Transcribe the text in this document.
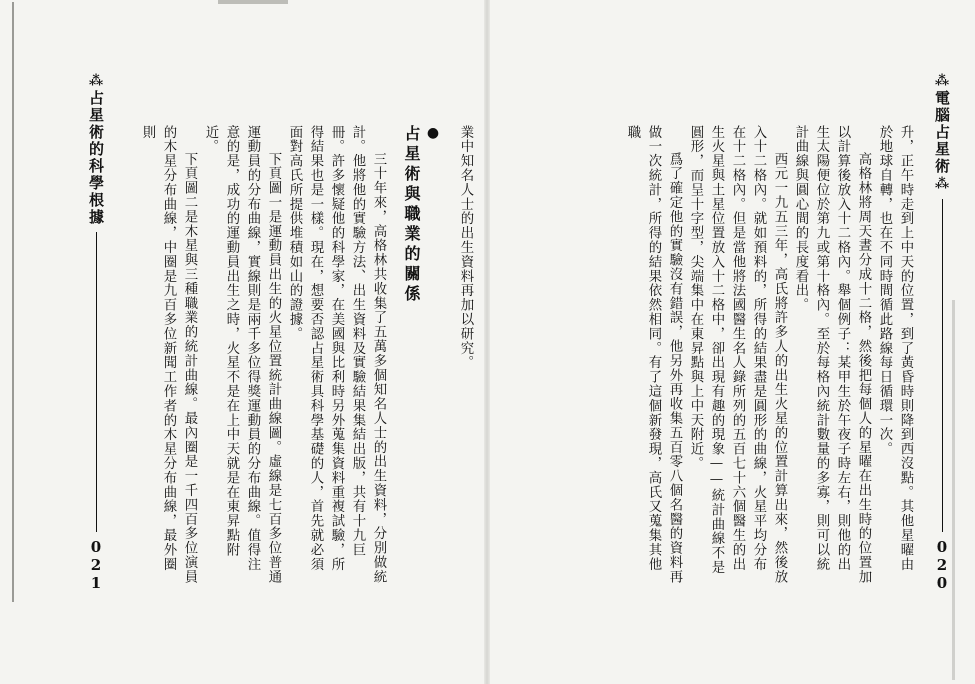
⁂
占星術的科學根據
021

業中知名人士的出生資料再加以研究。

●
占星術與職業的關係

三十年來，高格林共收集了五萬多個知名人士的出生資料，分別做統計。他將他的實驗方法、出生資料及實驗結果集結出版，共有十九巨冊。許多懷疑他的科學家，在美國與比利時另外蒐集資料重複試驗，所得結果也是一樣。現在，想要否認占星術具科學基礎的人，首先就必須面對高氏所提供堆積如山的證據。

下頁圖一是運動員出生的火星位置統計曲線圖。虛線是七百多位普通運動員的分布曲線，實線則是兩千多位得獎運動員的分布曲線。值得注意的是，成功的運動員出生之時，火星不是在上中天就是在東昇點附近。

下頁圖二是木星與三種職業的統計曲線。最內圈是一千四百多位演員的木星分布曲線，中圈是九百多位新聞工作者的木星分布曲線，最外圈則

⁂
電腦占星術
⁂
020

升，正午時走到上中天的位置，到了黃昏時則降到西沒點。其他星曜由於地球自轉，也在不同時間循此路線每日循環一次。

高格林將周天晝分成十二格，然後把每個人的星曜在出生時的位置加以計算後放入十二格內。舉個例子：某甲生於午夜子時左右，則他的出生太陽便位於第九或第十格內。至於每格內統計數量的多寡，則可以統計曲線與圓心間的長度看出。

西元一九五三年，高氏將許多人的出生火星的位置計算出來，然後放入十二格內。就如預料的，所得的結果盡是圓形的曲線，火星平均分布在十二格內。但是當他將法國醫生名人錄所列的五百七十六個醫生的出生火星與土星位置放入十二格中，卻出現有趣的現象——統計曲線不是圓形，而呈十字型，尖端集中在東昇點與上中天附近。

爲了確定他的實驗沒有錯誤，他另外再收集五百零八個名醫的資料再做一次統計，所得的結果依然相同。有了這個新發現，高氏又蒐集其他職
